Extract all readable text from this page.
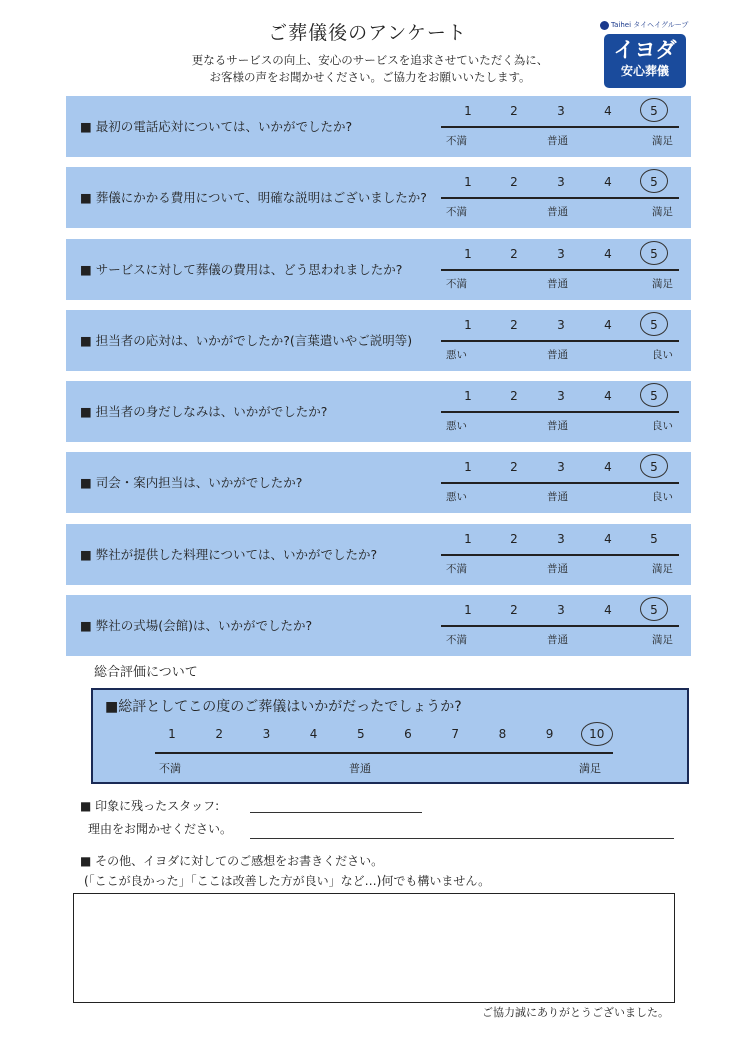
ご葬儀後のアンケート
更なるサービスの向上、安心のサービスを追求させていただく為に、
お客様の声をお聞かせください。ご協力をお願いいたします。
Taihei タイヘイグループ
イヨダ
安心葬儀
■ 最初の電話応対については、いかがでしたか?
1	2	3	4	5
不満	普通	満足
■ 葬儀にかかる費用について、明確な説明はございましたか?
1	2	3	4	5
不満	普通	満足
■ サービスに対して葬儀の費用は、どう思われましたか?
1	2	3	4	5
不満	普通	満足
■ 担当者の応対は、いかがでしたか?(言葉遣いやご説明等)
1	2	3	4	5
悪い	普通	良い
■ 担当者の身だしなみは、いかがでしたか?
1	2	3	4	5
悪い	普通	良い
■ 司会・案内担当は、いかがでしたか?
1	2	3	4	5
悪い	普通	良い
■ 弊社が提供した料理については、いかがでしたか?
1	2	3	4	5
不満	普通	満足
■ 弊社の式場(会館)は、いかがでしたか?
1	2	3	4	5
不満	普通	満足
総合評価について
■総評としてこの度のご葬儀はいかがだったでしょうか?
不満	普通	満足
1	2	3	4	5	6	7	8	9	10
■ 印象に残ったスタッフ:
理由をお聞かせください。
■ その他、イヨダに対してのご感想をお書きください。
(「ここが良かった」「ここは改善した方が良い」など…)何でも構いません。
ご協力誠にありがとうございました。
